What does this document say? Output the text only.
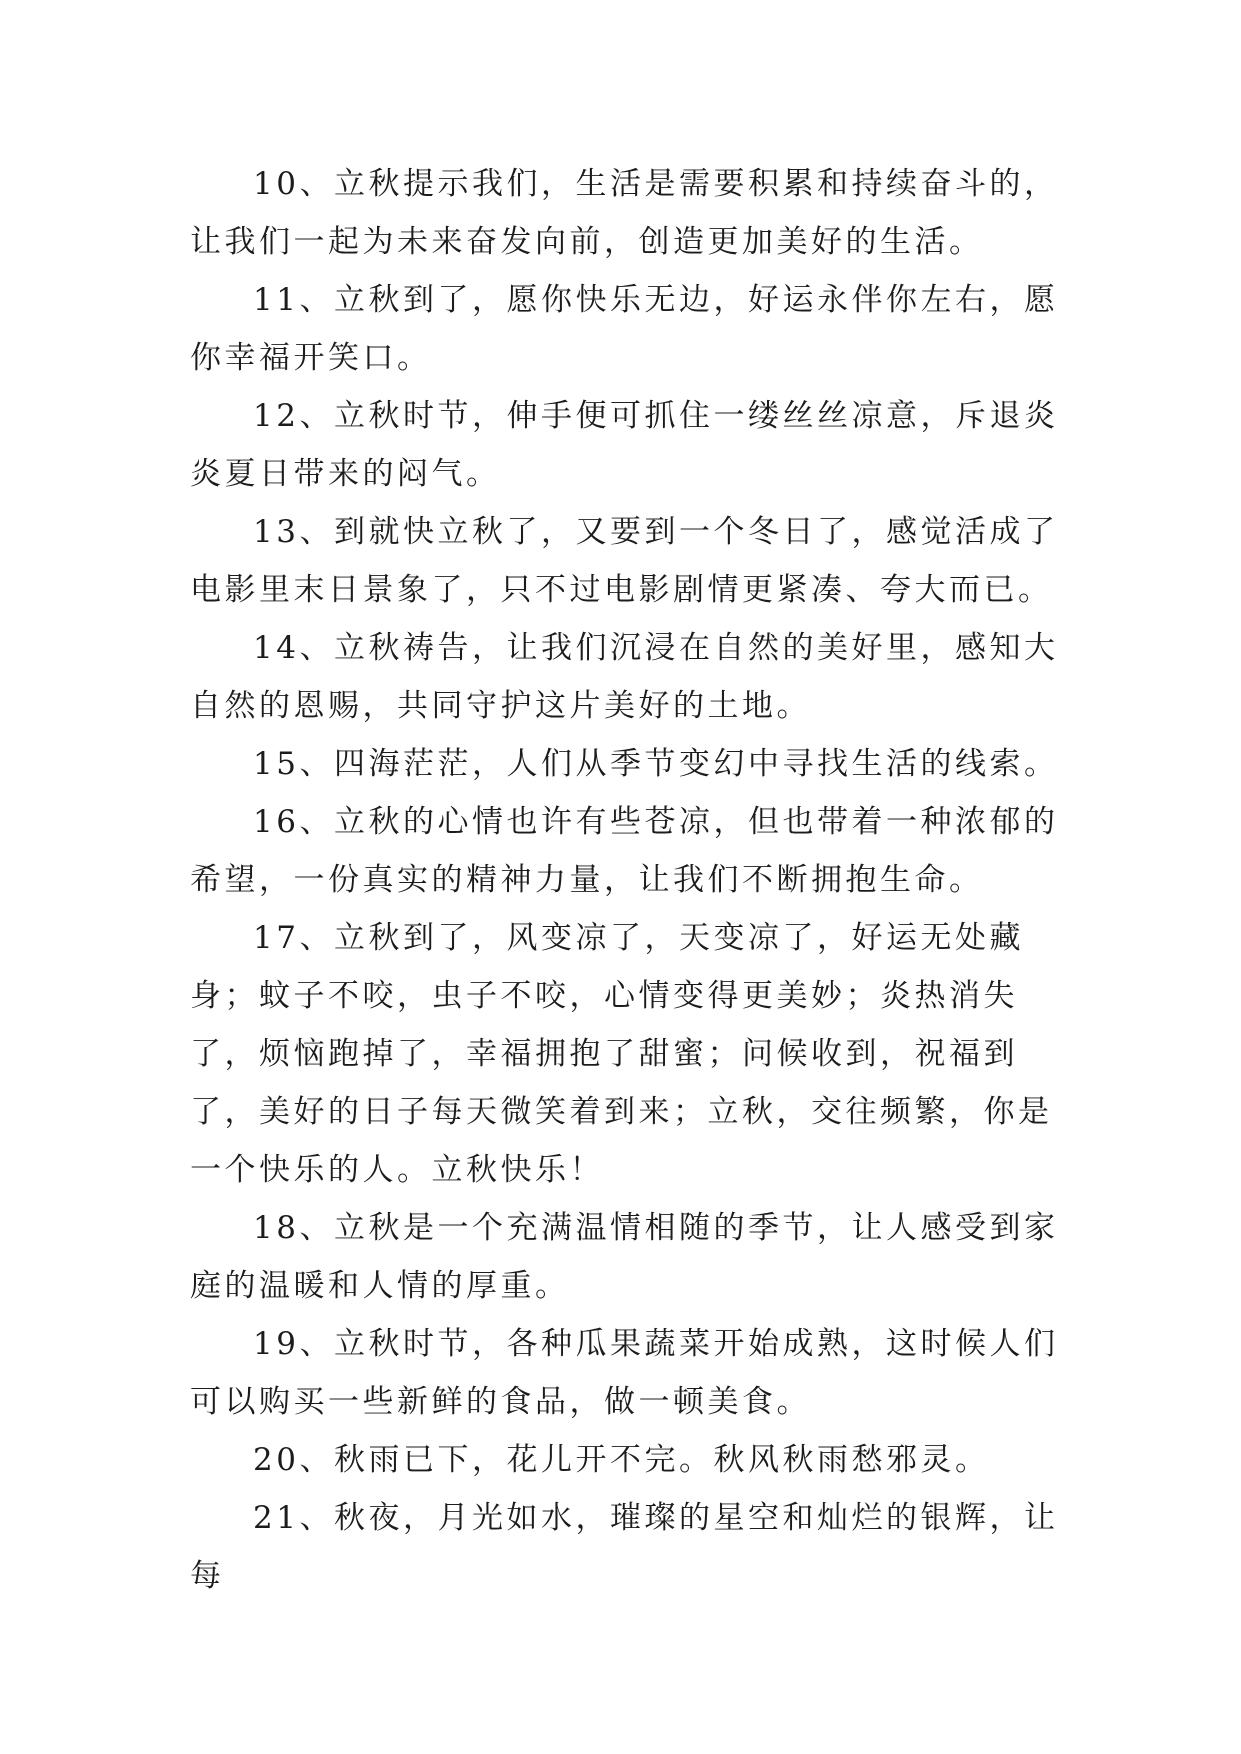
10、立秋提示我们，生活是需要积累和持续奋斗的，让我们一起为未来奋发向前，创造更加美好的生活。

11、立秋到了，愿你快乐无边，好运永伴你左右，愿你幸福开笑口。

12、立秋时节，伸手便可抓住一缕丝丝凉意，斥退炎炎夏日带来的闷气。

13、到就快立秋了，又要到一个冬日了，感觉活成了电影里末日景象了，只不过电影剧情更紧凑、夸大而已。

14、立秋祷告，让我们沉浸在自然的美好里，感知大自然的恩赐，共同守护这片美好的土地。

15、四海茫茫，人们从季节变幻中寻找生活的线索。

16、立秋的心情也许有些苍凉，但也带着一种浓郁的希望，一份真实的精神力量，让我们不断拥抱生命。

17、立秋到了，风变凉了，天变凉了，好运无处藏身；蚊子不咬，虫子不咬，心情变得更美妙；炎热消失了，烦恼跑掉了，幸福拥抱了甜蜜；问候收到，祝福到了，美好的日子每天微笑着到来；立秋，交往频繁，你是一个快乐的人。立秋快乐！

18、立秋是一个充满温情相随的季节，让人感受到家庭的温暖和人情的厚重。

19、立秋时节，各种瓜果蔬菜开始成熟，这时候人们可以购买一些新鲜的食品，做一顿美食。

20、秋雨已下，花儿开不完。秋风秋雨愁邪灵。

21、秋夜，月光如水，璀璨的星空和灿烂的银辉，让每
